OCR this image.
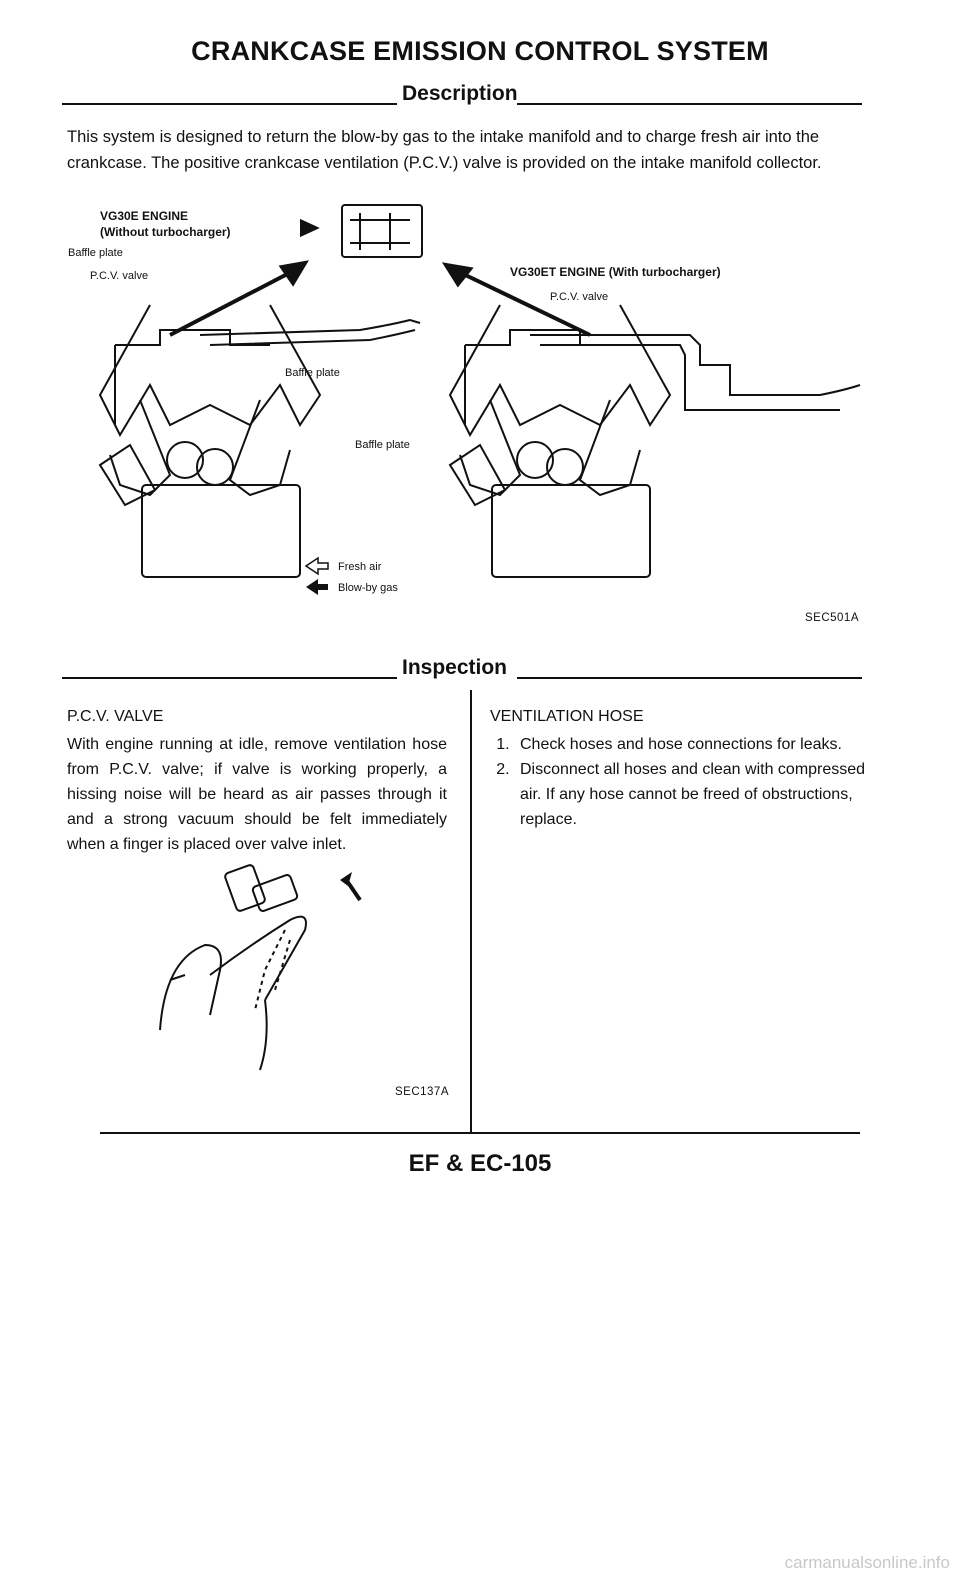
CRANKCASE EMISSION CONTROL SYSTEM
Description
This system is designed to return the blow-by gas to the intake manifold and to charge fresh air into the crankcase. The positive crankcase ventilation (P.C.V.) valve is provided on the intake manifold collector.
VG30E ENGINE
(Without turbocharger)
Baffle plate
P.C.V. valve
Baffle plate
Baffle plate
VG30ET ENGINE (With turbocharger)
P.C.V. valve
Fresh air
Blow-by gas
SEC501A
Inspection
P.C.V. VALVE
With engine running at idle, remove ventilation hose from P.C.V. valve; if valve is working properly, a hissing noise will be heard as air passes through it and a strong vacuum should be felt immediately when a finger is placed over valve inlet.
SEC137A
VENTILATION HOSE
1. Check hoses and hose connections for leaks.
2. Disconnect all hoses and clean with compressed air. If any hose cannot be freed of obstructions, replace.
EF & EC-105
carmanualsonline.info
